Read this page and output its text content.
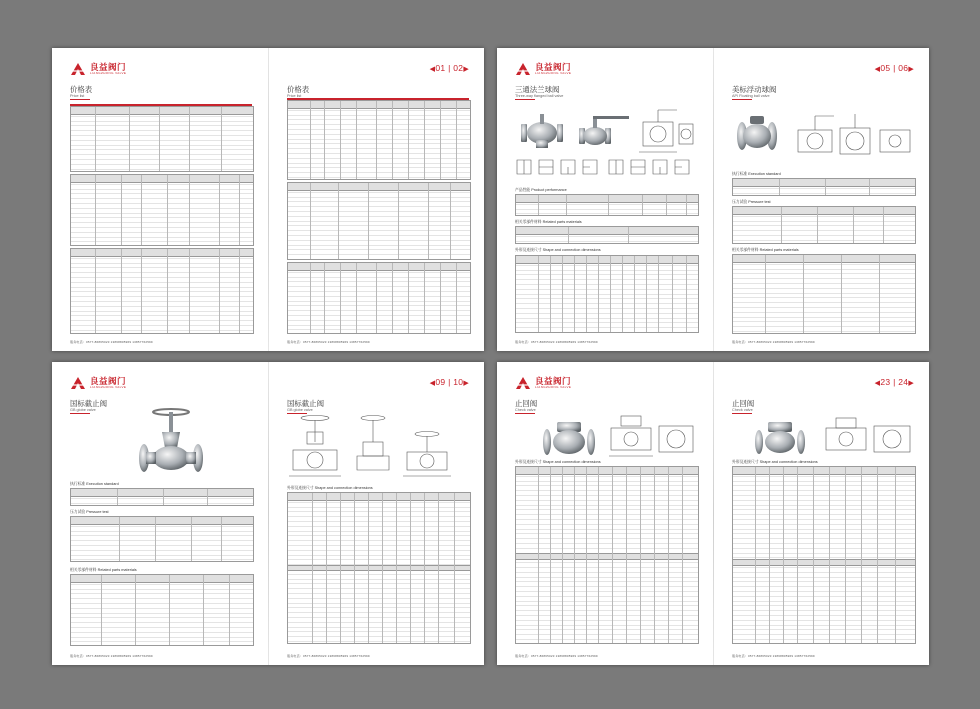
良益阀门
LIANGZHONG VALVE
价格表
Price list
服务电话：0577-86865023 13868805969 13857762599
◀01 | 02▶
价格表
Price list
服务电话：0577-86865023 13868805969 13857762599
良益阀门
LIANGZHONG VALVE
三通法兰球阀
Three-way flanged ball valve
产品性能 Product performance
相关零部件材料 Related parts materials
外形及连接尺寸 Shape and connection dimensions
服务电话：0577-86865023 13868805969 13857762599
◀05 | 06▶
美标浮动球阀
API Floating ball valve
执行标准 Execution standard
压力试验 Pressure test
相关零部件材料 Related parts materials
服务电话：0577-86865023 13868805969 13857762599
良益阀门
LIANGZHONG VALVE
国标截止阀
GB globe valve
执行标准 Execution standard
压力试验 Pressure test
相关零部件材料 Related parts materials
服务电话：0577-86865023 13868805969 13857762599
◀09 | 10▶
国标截止阀
GB globe valve
外形及连接尺寸 Shape and connection dimensions
服务电话：0577-86865023 13868805969 13857762599
良益阀门
LIANGZHONG VALVE
止回阀
Check valve
外形及连接尺寸 Shape and connection dimensions
服务电话：0577-86865023 13868805969 13857762599
◀23 | 24▶
止回阀
Check valve
外形及连接尺寸 Shape and connection dimensions
服务电话：0577-86865023 13868805969 13857762599
